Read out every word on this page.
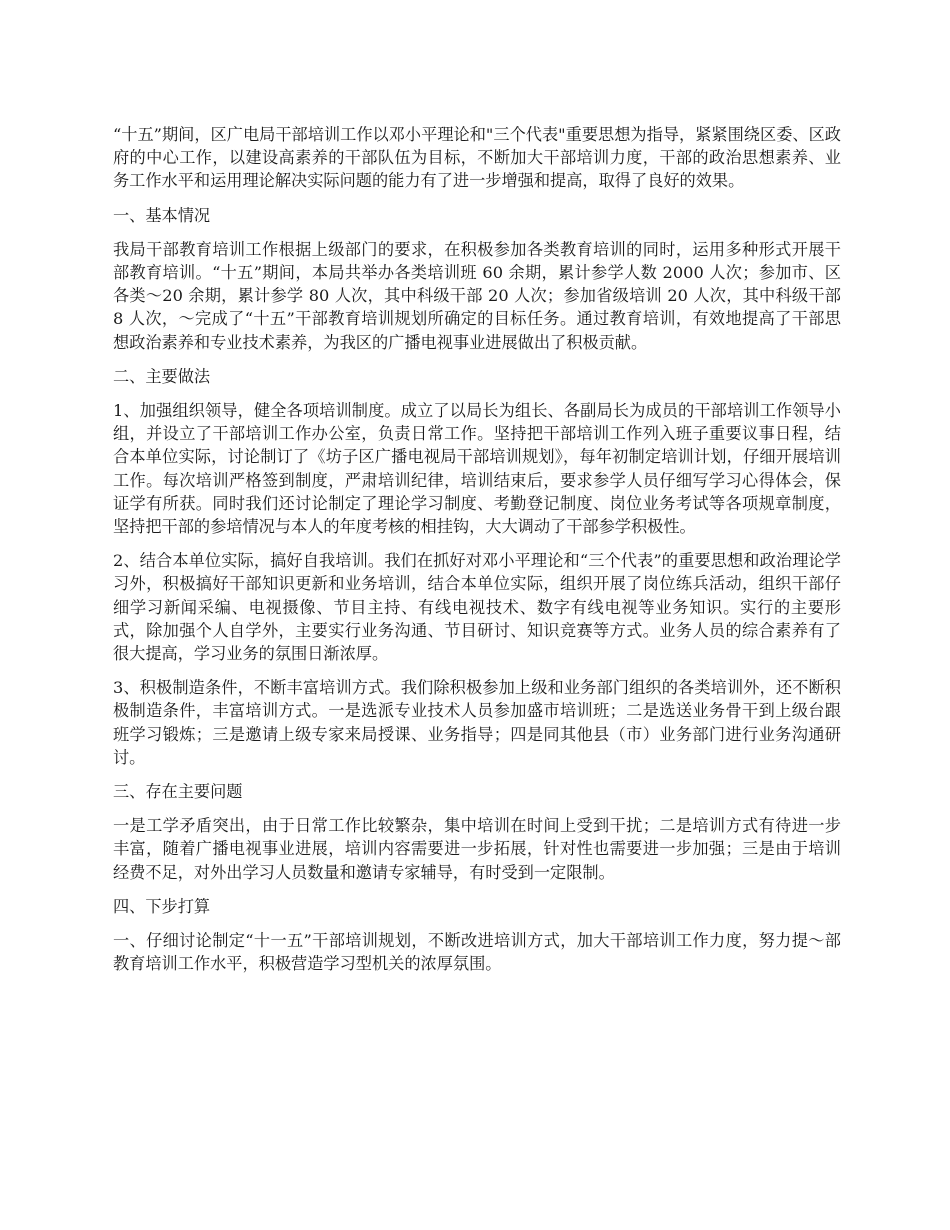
“十五”期间，区广电局干部培训工作以邓小平理论和"三个代表"重要思想为指导，紧紧围绕区委、区政府的中心工作，以建设高素养的干部队伍为目标，不断加大干部培训力度，干部的政治思想素养、业务工作水平和运用理论解决实际问题的能力有了进一步增强和提高，取得了良好的效果。

一、基本情况

我局干部教育培训工作根据上级部门的要求，在积极参加各类教育培训的同时，运用多种形式开展干部教育培训。“十五”期间，本局共举办各类培训班 60 余期，累计参学人数 2000 人次；参加市、区各类～20 余期，累计参学 80 人次，其中科级干部 20 人次；参加省级培训 20 人次，其中科级干部 8 人次，～完成了“十五”干部教育培训规划所确定的目标任务。通过教育培训，有效地提高了干部思想政治素养和专业技术素养，为我区的广播电视事业进展做出了积极贡献。

二、主要做法

1、加强组织领导，健全各项培训制度。成立了以局长为组长、各副局长为成员的干部培训工作领导小组，并设立了干部培训工作办公室，负责日常工作。坚持把干部培训工作列入班子重要议事日程，结合本单位实际，讨论制订了《坊子区广播电视局干部培训规划》，每年初制定培训计划，仔细开展培训工作。每次培训严格签到制度，严肃培训纪律，培训结束后，要求参学人员仔细写学习心得体会，保证学有所获。同时我们还讨论制定了理论学习制度、考勤登记制度、岗位业务考试等各项规章制度，坚持把干部的参培情况与本人的年度考核的相挂钩，大大调动了干部参学积极性。

2、结合本单位实际，搞好自我培训。我们在抓好对邓小平理论和“三个代表”的重要思想和政治理论学习外，积极搞好干部知识更新和业务培训，结合本单位实际，组织开展了岗位练兵活动，组织干部仔细学习新闻采编、电视摄像、节目主持、有线电视技术、数字有线电视等业务知识。实行的主要形式，除加强个人自学外，主要实行业务沟通、节目研讨、知识竞赛等方式。业务人员的综合素养有了很大提高，学习业务的氛围日渐浓厚。

3、积极制造条件，不断丰富培训方式。我们除积极参加上级和业务部门组织的各类培训外，还不断积极制造条件，丰富培训方式。一是选派专业技术人员参加盛市培训班；二是选送业务骨干到上级台跟班学习锻炼；三是邀请上级专家来局授课、业务指导；四是同其他县（市）业务部门进行业务沟通研讨。

三、存在主要问题

一是工学矛盾突出，由于日常工作比较繁杂，集中培训在时间上受到干扰；二是培训方式有待进一步丰富，随着广播电视事业进展，培训内容需要进一步拓展，针对性也需要进一步加强；三是由于培训经费不足，对外出学习人员数量和邀请专家辅导，有时受到一定限制。

四、下步打算

一、仔细讨论制定“十一五”干部培训规划，不断改进培训方式，加大干部培训工作力度，努力提～部教育培训工作水平，积极营造学习型机关的浓厚氛围。
